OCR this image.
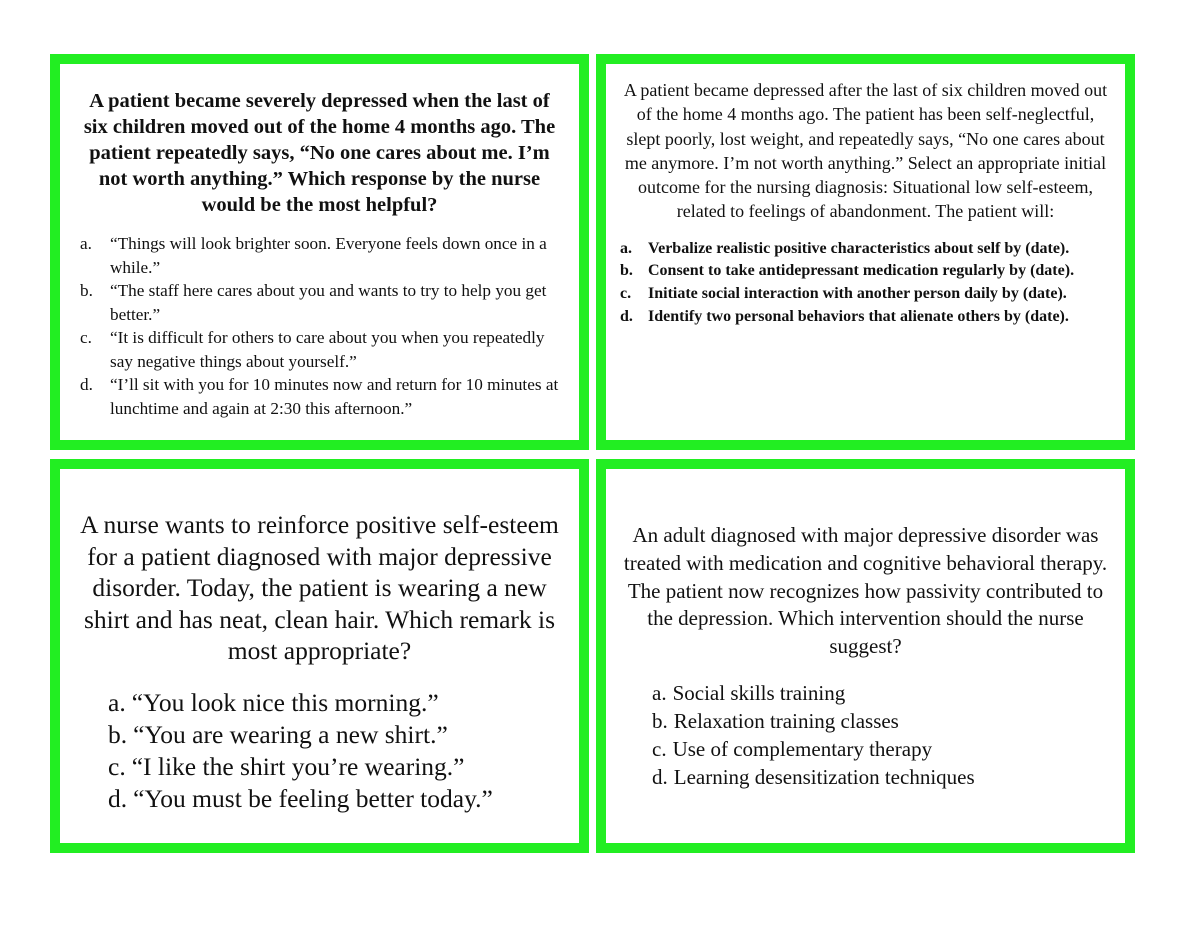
A patient became severely depressed when the last of six children moved out of the home 4 months ago. The patient repeatedly says, “No one cares about me. I’m not worth anything.” Which response by the nurse would be the most helpful?

a. “Things will look brighter soon. Everyone feels down once in a while.”
b. “The staff here cares about you and wants to try to help you get better.”
c. “It is difficult for others to care about you when you repeatedly say negative things about yourself.”
d. “I’ll sit with you for 10 minutes now and return for 10 minutes at lunchtime and again at 2:30 this afternoon.”

A patient became depressed after the last of six children moved out of the home 4 months ago. The patient has been self-neglectful, slept poorly, lost weight, and repeatedly says, “No one cares about me anymore. I’m not worth anything.” Select an appropriate initial outcome for the nursing diagnosis: Situational low self-esteem, related to feelings of abandonment. The patient will:

a. Verbalize realistic positive characteristics about self by (date).
b. Consent to take antidepressant medication regularly by (date).
c. Initiate social interaction with another person daily by (date).
d. Identify two personal behaviors that alienate others by (date).

A nurse wants to reinforce positive self-esteem for a patient diagnosed with major depressive disorder. Today, the patient is wearing a new shirt and has neat, clean hair. Which remark is most appropriate?

a. “You look nice this morning.”
b. “You are wearing a new shirt.”
c. “I like the shirt you’re wearing.”
d. “You must be feeling better today.”

An adult diagnosed with major depressive disorder was treated with medication and cognitive behavioral therapy. The patient now recognizes how passivity contributed to the depression. Which intervention should the nurse suggest?

a. Social skills training
b. Relaxation training classes
c. Use of complementary therapy
d. Learning desensitization techniques
